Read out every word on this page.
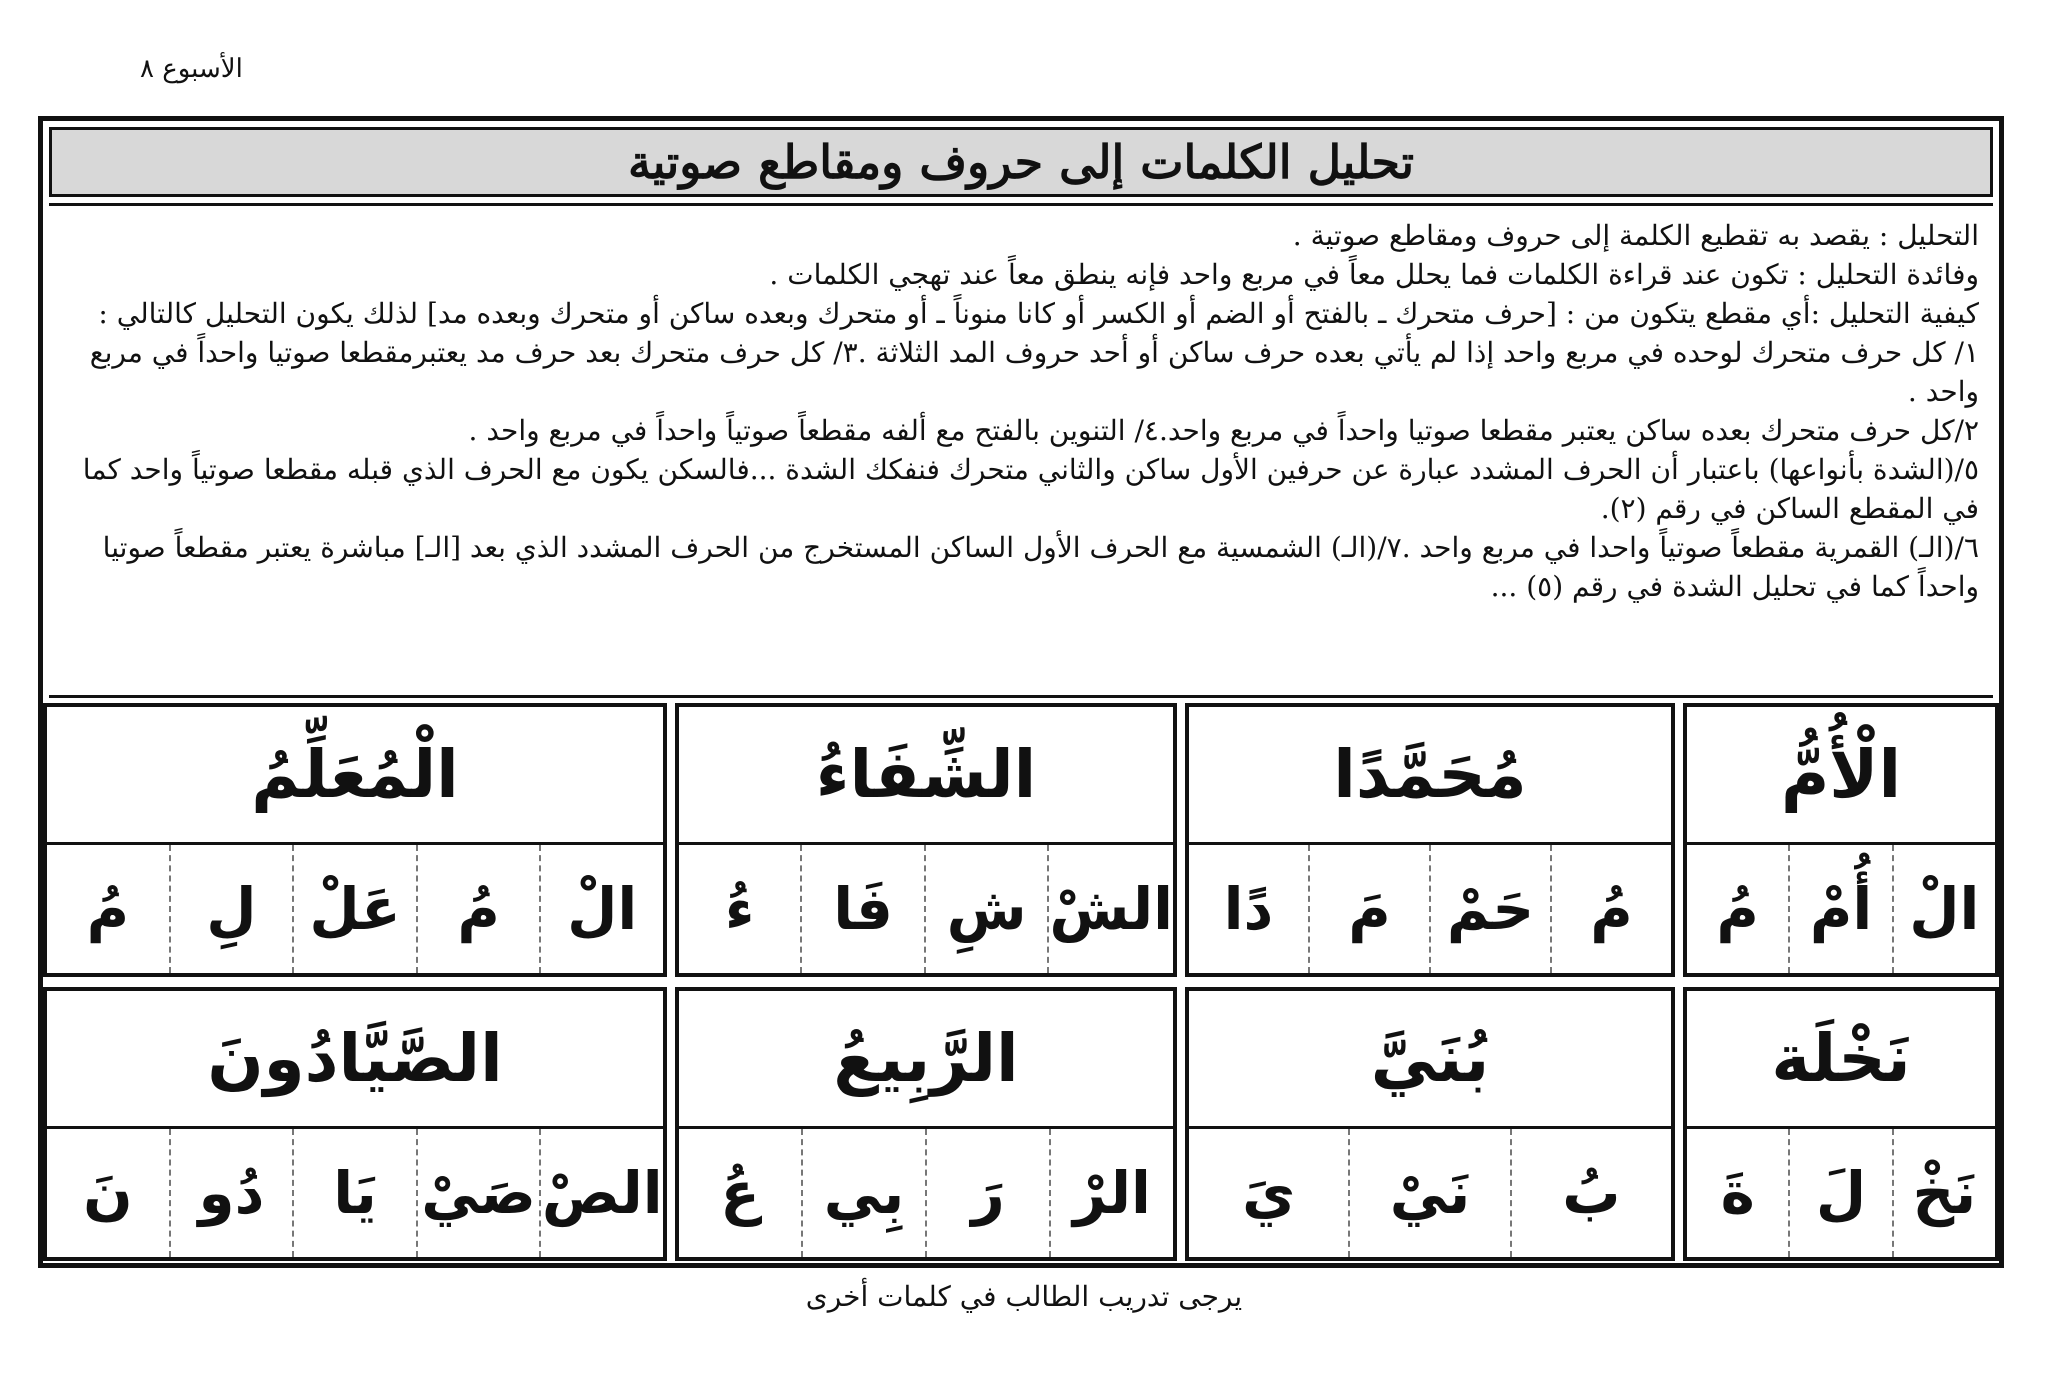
الأسبوع ٨
تحليل الكلمات إلى حروف ومقاطع صوتية

التحليل : يقصد به تقطيع الكلمة إلى حروف ومقاطع صوتية .

وفائدة التحليل : تكون عند قراءة الكلمات فما يحلل معاً في مربع واحد فإنه ينطق معاً عند تهجي الكلمات .

كيفية التحليل :أي مقطع يتكون من : [حرف متحرك ـ بالفتح أو الضم أو الكسر أو كانا منوناً ـ أو متحرك وبعده ساكن أو متحرك وبعده مد] لذلك يكون التحليل كالتالي :

١/ كل حرف متحرك لوحده في مربع واحد إذا لم يأتي بعده حرف ساكن أو أحد حروف المد الثلاثة .٣/ كل حرف متحرك بعد حرف مد يعتبرمقطعا صوتيا واحداً في مربع واحد .

٢/كل حرف متحرك بعده ساكن يعتبر مقطعا صوتيا واحداً في مربع واحد.٤/ التنوين بالفتح مع ألفه مقطعاً صوتياً واحداً في مربع واحد .

٥/(الشدة بأنواعها) باعتبار أن الحرف المشدد عبارة عن حرفين الأول ساكن والثاني متحرك فنفكك الشدة ...فالسكن يكون مع الحرف الذي قبله مقطعا صوتياً واحد كما في المقطع الساكن في رقم (٢).

٦/(الـ) القمرية مقطعاً صوتياً واحدا في مربع واحد .٧/(الـ) الشمسية مع الحرف الأول الساكن المستخرج من الحرف المشدد الذي بعد [الـ] مباشرة يعتبر مقطعاً صوتيا واحداً كما في تحليل الشدة في رقم (٥) ...

الْأُمُّ
الْ
أُمْ
مُ
مُحَمَّدًا
مُ
حَمْ
مَ
دًا
الشِّفَاءُ
الشْ
شِ
فَا
ءُ
الْمُعَلِّمُ
الْ
مُ
عَلْ
لِ
مُ
نَخْلَة
نَخْ
لَ
ةَ
بُنَيَّ
بُ
نَيْ
يَ
الرَّبِيعُ
الرْ
رَ
بِي
عُ
الصَّيَّادُونَ
الصْ
صَيْ
يَا
دُو
نَ
يرجى تدريب الطالب في كلمات أخرى
